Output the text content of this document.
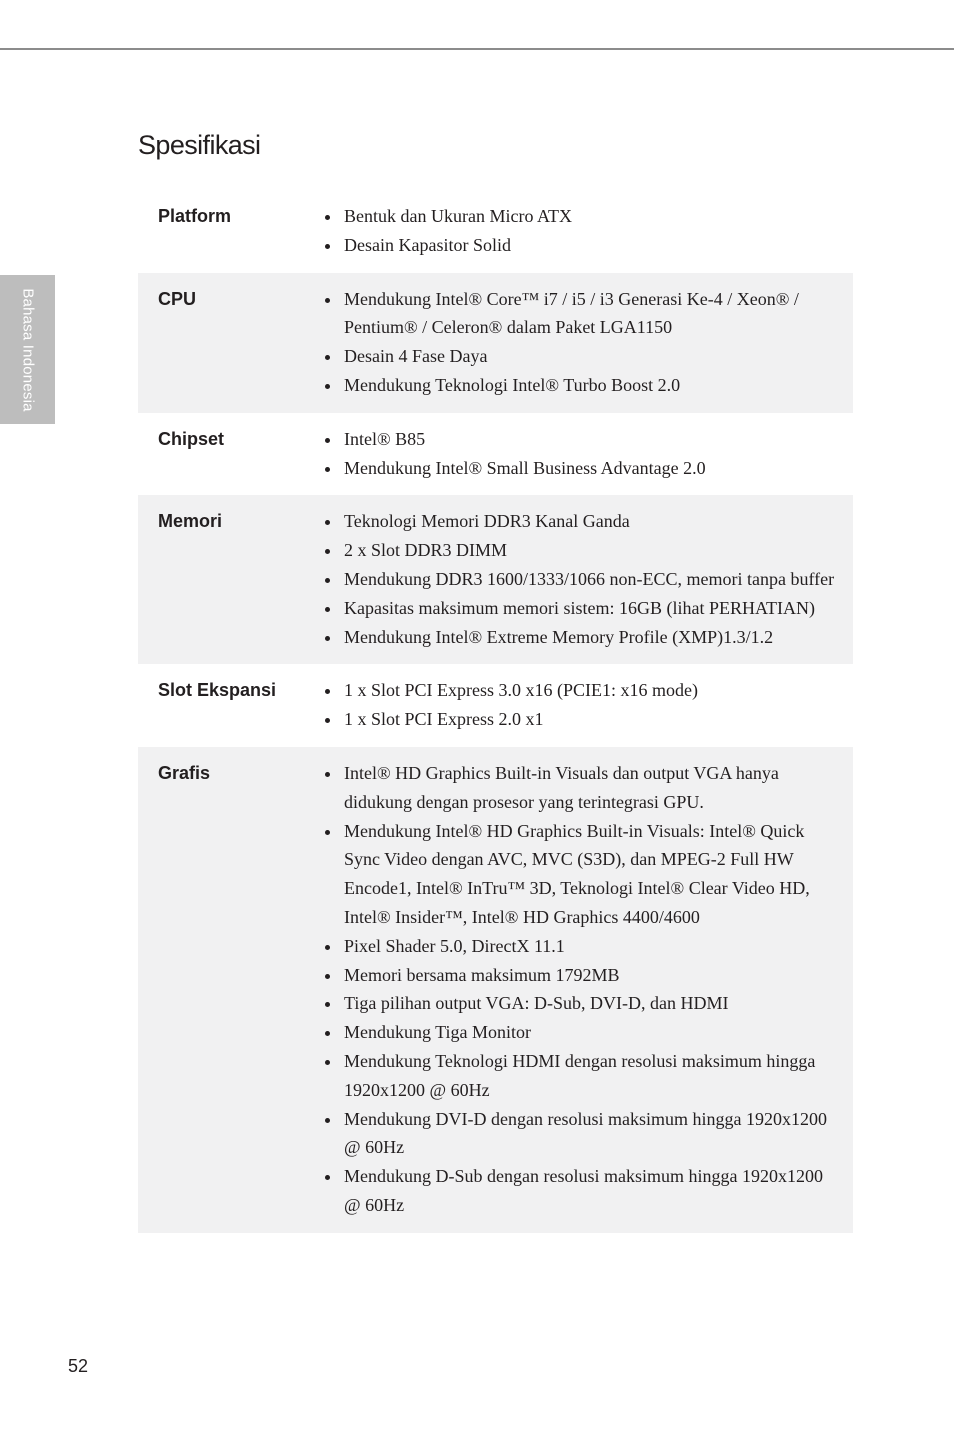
Bahasa Indonesia
Spesifikasi
Platform	Bentuk dan Ukuran Micro ATX
Desain Kapasitor Solid
CPU	Mendukung Intel® Core™ i7 / i5 / i3 Generasi Ke-4 / Xeon® / Pentium® / Celeron® dalam Paket LGA1150
Desain 4 Fase Daya
Mendukung Teknologi Intel® Turbo Boost 2.0
Chipset	Intel® B85
Mendukung Intel® Small Business Advantage 2.0
Memori	Teknologi Memori DDR3 Kanal Ganda
2 x Slot DDR3 DIMM
Mendukung DDR3 1600/1333/1066 non-ECC, memori tanpa buffer
Kapasitas maksimum memori sistem: 16GB (lihat PERHATIAN)
Mendukung Intel® Extreme Memory Profile (XMP)1.3/1.2
Slot Ekspansi	1 x Slot PCI Express 3.0 x16 (PCIE1: x16 mode)
1 x Slot PCI Express 2.0 x1
Grafis	Intel® HD Graphics Built-in Visuals dan output VGA hanya didukung dengan prosesor yang terintegrasi GPU.
Mendukung Intel® HD Graphics Built-in Visuals: Intel® Quick Sync Video dengan AVC, MVC (S3D), dan MPEG-2 Full HW Encode1, Intel® InTru™ 3D, Teknologi Intel® Clear Video HD, Intel® Insider™, Intel® HD Graphics 4400/4600
Pixel Shader 5.0, DirectX 11.1
Memori bersama maksimum 1792MB
Tiga pilihan output VGA: D-Sub, DVI-D, dan HDMI
Mendukung Tiga Monitor
Mendukung Teknologi HDMI dengan resolusi maksimum hingga 1920x1200 @ 60Hz
Mendukung DVI-D dengan resolusi maksimum hingga 1920x1200 @ 60Hz
Mendukung D-Sub dengan resolusi maksimum hingga 1920x1200 @ 60Hz
52
